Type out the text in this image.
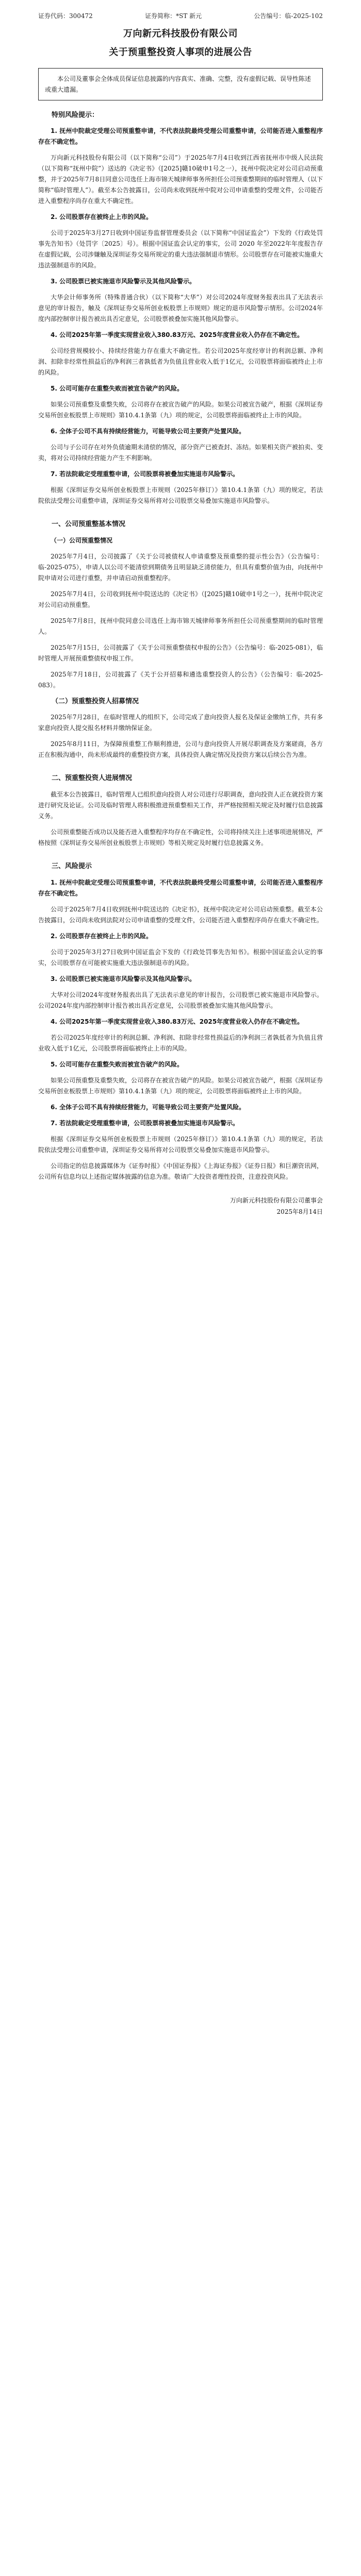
证券代码：300472	证券简称：*ST 新元	公告编号：临-2025-102
万向新元科技股份有限公司
关于预重整投资人事项的进展公告
本公司及董事会全体成员保证信息披露的内容真实、准确、完整，没有虚假记载、误导性陈述或重大遗漏。
特别风险提示：

1. 抚州中院裁定受理公司预重整申请，不代表法院最终受理公司重整申请，公司能否进入重整程序存在不确定性。

万向新元科技股份有限公司（以下简称“公司”）于2025年7月4日收到江西省抚州市中级人民法院（以下简称“抚州中院”）送达的《决定书》（[2025]赣10破申1号之一），抚州中院决定对公司启动预重整，并于2025年7月8日同意公司选任上海市锦天城律师事务所担任公司预重整期间的临时管理人（以下简称“临时管理人”）。截至本公告披露日，公司尚未收到抚州中院对公司申请重整的受理文件，公司能否进入重整程序尚存在重大不确定性。

2. 公司股票存在被终止上市的风险。

公司于2025年3月27日收到中国证券监督管理委员会（以下简称“中国证监会”）下发的《行政处罚事先告知书》（处罚字〔2025〕号）。根据中国证监会认定的事实，公司 2020 年至2022年年度报告存在虚假记载，公司涉嫌触及深圳证券交易所规定的重大违法强制退市情形。公司股票存在可能被实施重大违法强制退市的风险。

3. 公司股票已被实施退市风险警示及其他风险警示。

大华会计师事务所（特殊普通合伙）（以下简称“大华”）对公司2024年度财务报表出具了无法表示意见的审计报告，触及《深圳证券交易所创业板股票上市规则》规定的退市风险警示情形。公司2024年度内部控制审计报告被出具否定意见，公司股票被叠加实施其他风险警示。

4. 公司2025年第一季度实现营业收入380.83万元、2025年度营业收入仍存在不确定性。

公司经营规模较小、持续经营能力存在重大不确定性。若公司2025年度经审计的利润总额、净利润、扣除非经常性损益后的净利润三者孰低者为负值且营业收入低于1亿元，公司股票将面临被终止上市的风险。

5. 公司可能存在重整失败而被宣告破产的风险。

如果公司预重整及重整失败，公司将存在被宣告破产的风险。如果公司被宣告破产，根据《深圳证券交易所创业板股票上市规则》第10.4.1条第（九）项的规定，公司股票将面临被终止上市的风险。

6. 全体子公司不具有持续经营能力，可能导致公司主要资产处置风险。

公司与子公司存在对外负债逾期未清偿的情况，部分资产已被查封、冻结。如果相关资产被拍卖、变卖，将对公司持续经营能力产生不利影响。

7. 若法院裁定受理重整申请，公司股票将被叠加实施退市风险警示。

根据《深圳证券交易所创业板股票上市规则（2025年修订）》第10.4.1条第（九）项的规定，若法院依法受理公司重整申请，深圳证券交易所将对公司股票交易叠加实施退市风险警示。

一、公司预重整基本情况

（一）公司预重整情况

2025年7月4日，公司披露了《关于公司被债权人申请重整及预重整的提示性公告》（公告编号：临-2025-075），申请人以公司不能清偿到期债务且明显缺乏清偿能力，但具有重整价值为由，向抚州中院申请对公司进行重整，并申请启动预重整程序。

2025年7月4日，公司收到抚州中院送达的《决定书》（[2025]赣10破申1号之一），抚州中院决定对公司启动预重整。

2025年7月8日，抚州中院同意公司选任上海市锦天城律师事务所担任公司预重整期间的临时管理人。

2025年7月15日，公司披露了《关于公司预重整债权申报的公告》（公告编号：临-2025-081），临时管理人开展预重整债权申报工作。

2025年7月18日，公司披露了《关于公开招募和遴选重整投资人的公告》（公告编号：临-2025-083）。

（二）预重整投资人招募情况

2025年7月28日，在临时管理人的组织下，公司完成了意向投资人报名及保证金缴纳工作，共有多家意向投资人提交报名材料并缴纳保证金。

2025年8月11日，为保障预重整工作顺利推进，公司与意向投资人开展尽职调查及方案磋商，各方正在积极沟通中，尚未形成最终的重整投资方案，具体投资人确定情况及投资方案以后续公告为准。

二、预重整投资人进展情况

截至本公告披露日，临时管理人已组织意向投资人对公司进行尽职调查，意向投资人正在就投资方案进行研究及论证。公司及临时管理人将积极推进预重整相关工作，并严格按照相关规定及时履行信息披露义务。

公司预重整能否成功以及能否进入重整程序均存在不确定性，公司将持续关注上述事项进展情况，严格按照《深圳证券交易所创业板股票上市规则》等相关规定及时履行信息披露义务。

三、风险提示

1. 抚州中院裁定受理公司预重整申请，不代表法院最终受理公司重整申请，公司能否进入重整程序存在不确定性。

公司于2025年7月4日收到抚州中院送达的《决定书》，抚州中院决定对公司启动预重整。截至本公告披露日，公司尚未收到法院对公司申请重整的受理文件，公司能否进入重整程序尚存在重大不确定性。

2. 公司股票存在被终止上市的风险。

公司于2025年3月27日收到中国证监会下发的《行政处罚事先告知书》。根据中国证监会认定的事实，公司股票存在可能被实施重大违法强制退市的风险。

3. 公司股票已被实施退市风险警示及其他风险警示。

大华对公司2024年度财务报表出具了无法表示意见的审计报告，公司股票已被实施退市风险警示。公司2024年度内部控制审计报告被出具否定意见，公司股票被叠加实施其他风险警示。

4. 公司2025年第一季度实现营业收入380.83万元、2025年度营业收入仍存在不确定性。

若公司2025年度经审计的利润总额、净利润、扣除非经常性损益后的净利润三者孰低者为负值且营业收入低于1亿元，公司股票将面临被终止上市的风险。

5. 公司可能存在重整失败而被宣告破产的风险。

如果公司预重整及重整失败，公司将存在被宣告破产的风险。如果公司被宣告破产，根据《深圳证券交易所创业板股票上市规则》第10.4.1条第（九）项的规定，公司股票将面临被终止上市的风险。

6. 全体子公司不具有持续经营能力，可能导致公司主要资产处置风险。

7. 若法院裁定受理重整申请，公司股票将被叠加实施退市风险警示。

根据《深圳证券交易所创业板股票上市规则（2025年修订）》第10.4.1条第（九）项的规定，若法院依法受理公司重整申请，深圳证券交易所将对公司股票交易叠加实施退市风险警示。

公司指定的信息披露媒体为《证券时报》《中国证券报》《上海证券报》《证券日报》和巨潮资讯网，公司所有信息均以上述指定媒体披露的信息为准。敬请广大投资者理性投资，注意投资风险。

万向新元科技股份有限公司董事会
2025年8月14日
